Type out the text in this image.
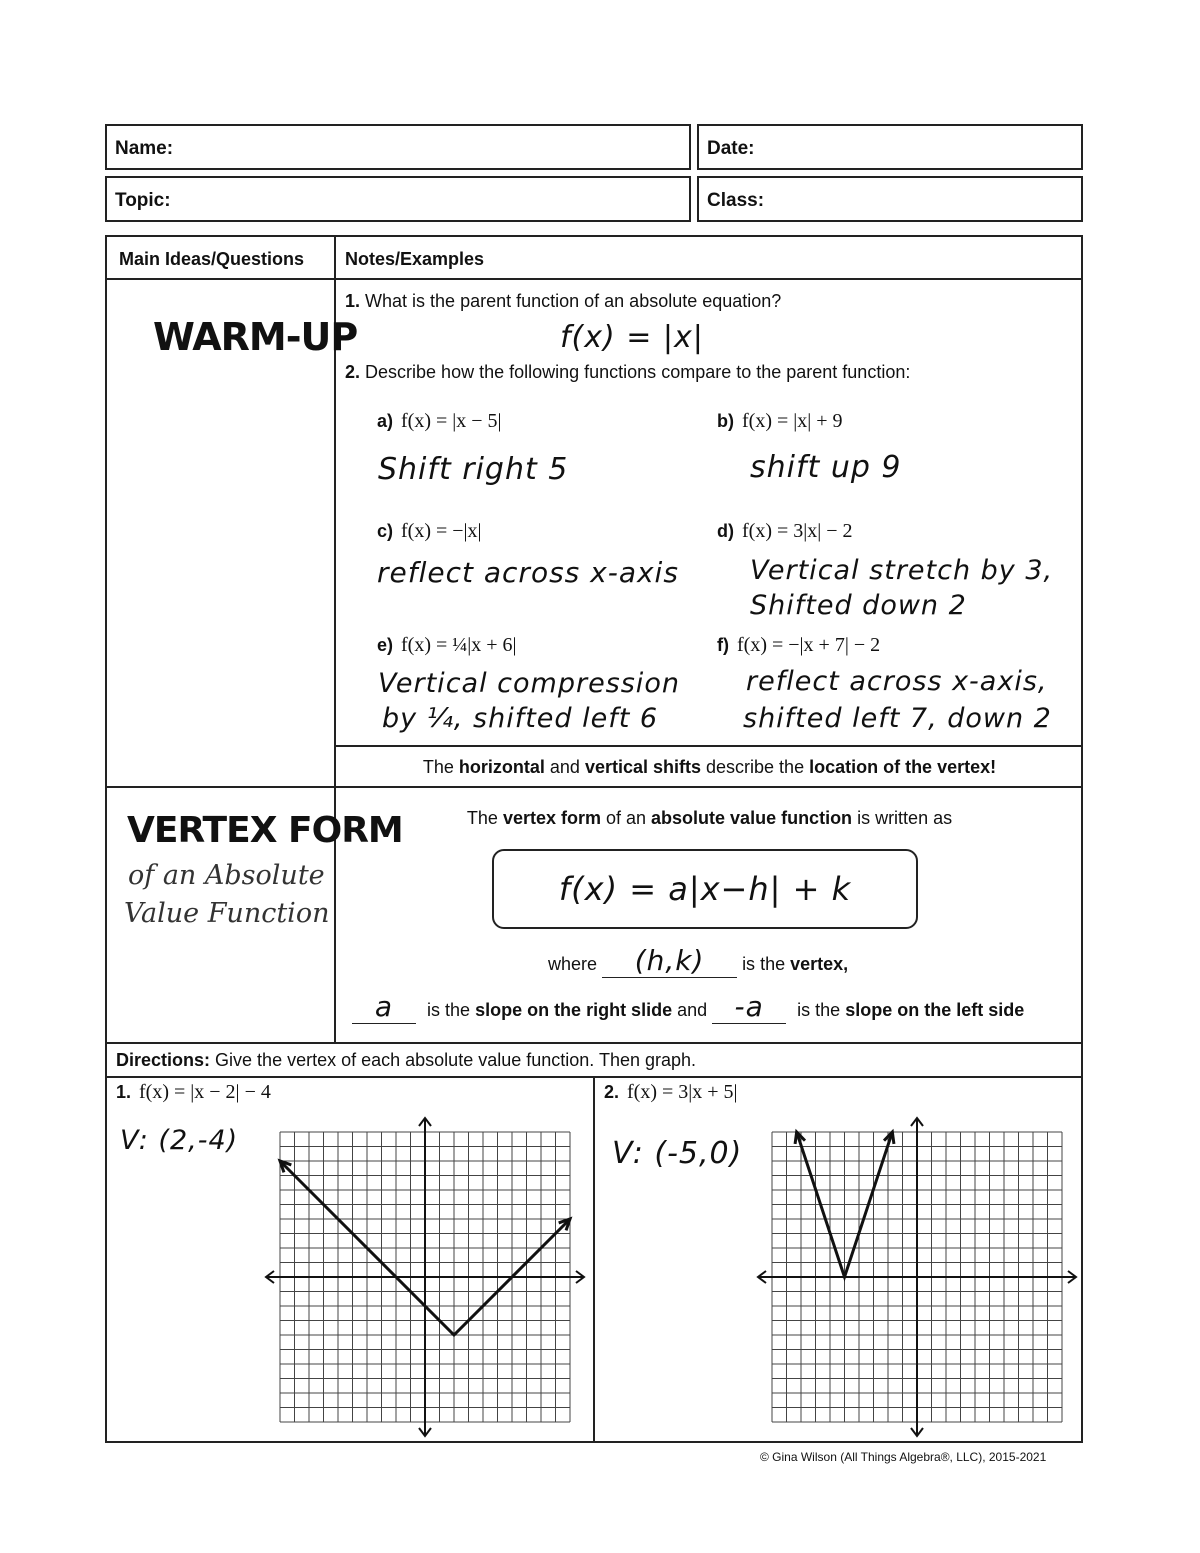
Name:	Date:
Topic:	Class:
Main Ideas/Questions Notes/Examples
WARM-UP
1. What is the parent function of an absolute equation?
f(x) = |x|
2. Describe how the following functions compare to the parent function:
a) f(x) = |x − 5|
Shift right 5
b) f(x) = |x| + 9
shift up 9
c) f(x) = −|x|
reflect across x-axis
d) f(x) = 3|x| − 2
Vertical stretch by 3,
Shifted down 2
e) f(x) = ¼|x + 6|
Vertical compression
by ¼, shifted left 6
f) f(x) = −|x + 7| − 2
reflect across x-axis,
shifted left 7, down 2
The horizontal and vertical shifts describe the location of the vertex!
VERTEX FORM
of an Absolute
Value Function
The vertex form of an absolute value function is written as
f(x) = a|x−h| + k
where (h,k) is the vertex,
a is the slope on the right slide and -a is the slope on the left side
Directions: Give the vertex of each absolute value function. Then graph.
1. f(x) = |x − 2| − 4
V: (2,-4)
2. f(x) = 3|x + 5|
V: (-5,0)
© Gina Wilson (All Things Algebra®, LLC), 2015-2021
